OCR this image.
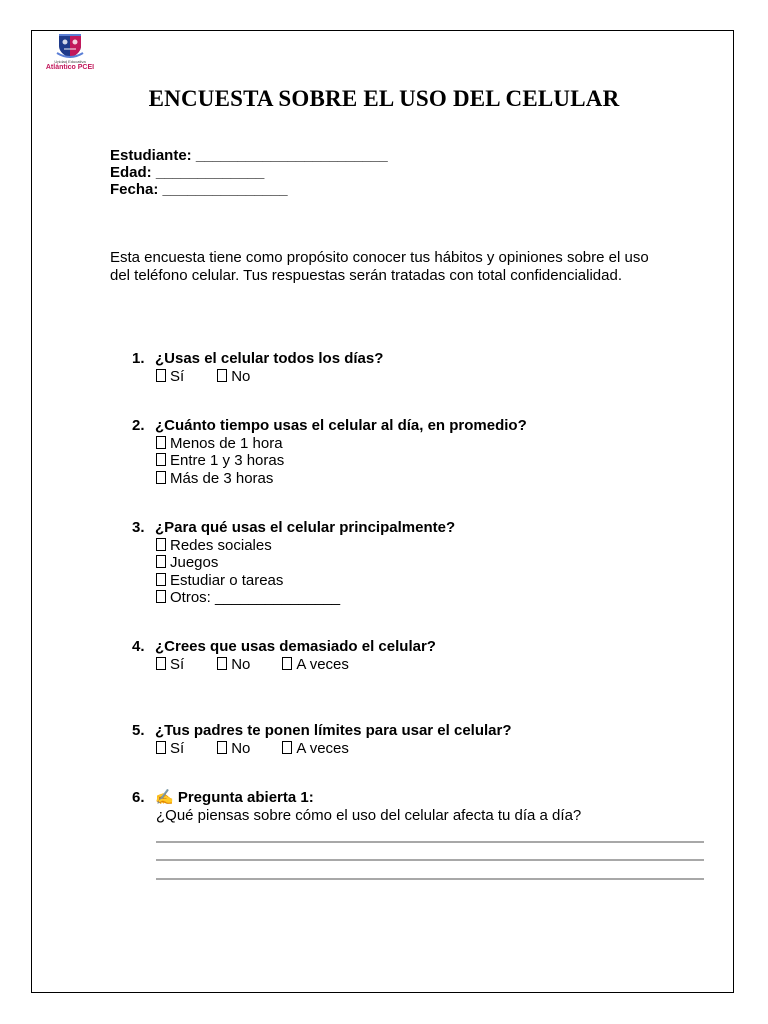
Unidad Educativa
Atlántico PCEI
ENCUESTA SOBRE EL USO DEL CELULAR
Estudiante: _______________________
Edad: _____________
Fecha: _______________
Esta encuesta tiene como propósito conocer tus hábitos y opiniones sobre el uso del teléfono celular. Tus respuestas serán tratadas con total confidencialidad.
1. ¿Usas el celular todos los días?
Sí	No
2. ¿Cuánto tiempo usas el celular al día, en promedio?
Menos de 1 hora
Entre 1 y 3 horas
Más de 3 horas
3. ¿Para qué usas el celular principalmente?
Redes sociales
Juegos
Estudiar o tareas
Otros: _______________
4. ¿Crees que usas demasiado el celular?
Sí	No	A veces
5. ¿Tus padres te ponen límites para usar el celular?
Sí	No	A veces
6. ✍ Pregunta abierta 1:
¿Qué piensas sobre cómo el uso del celular afecta tu día a día?
